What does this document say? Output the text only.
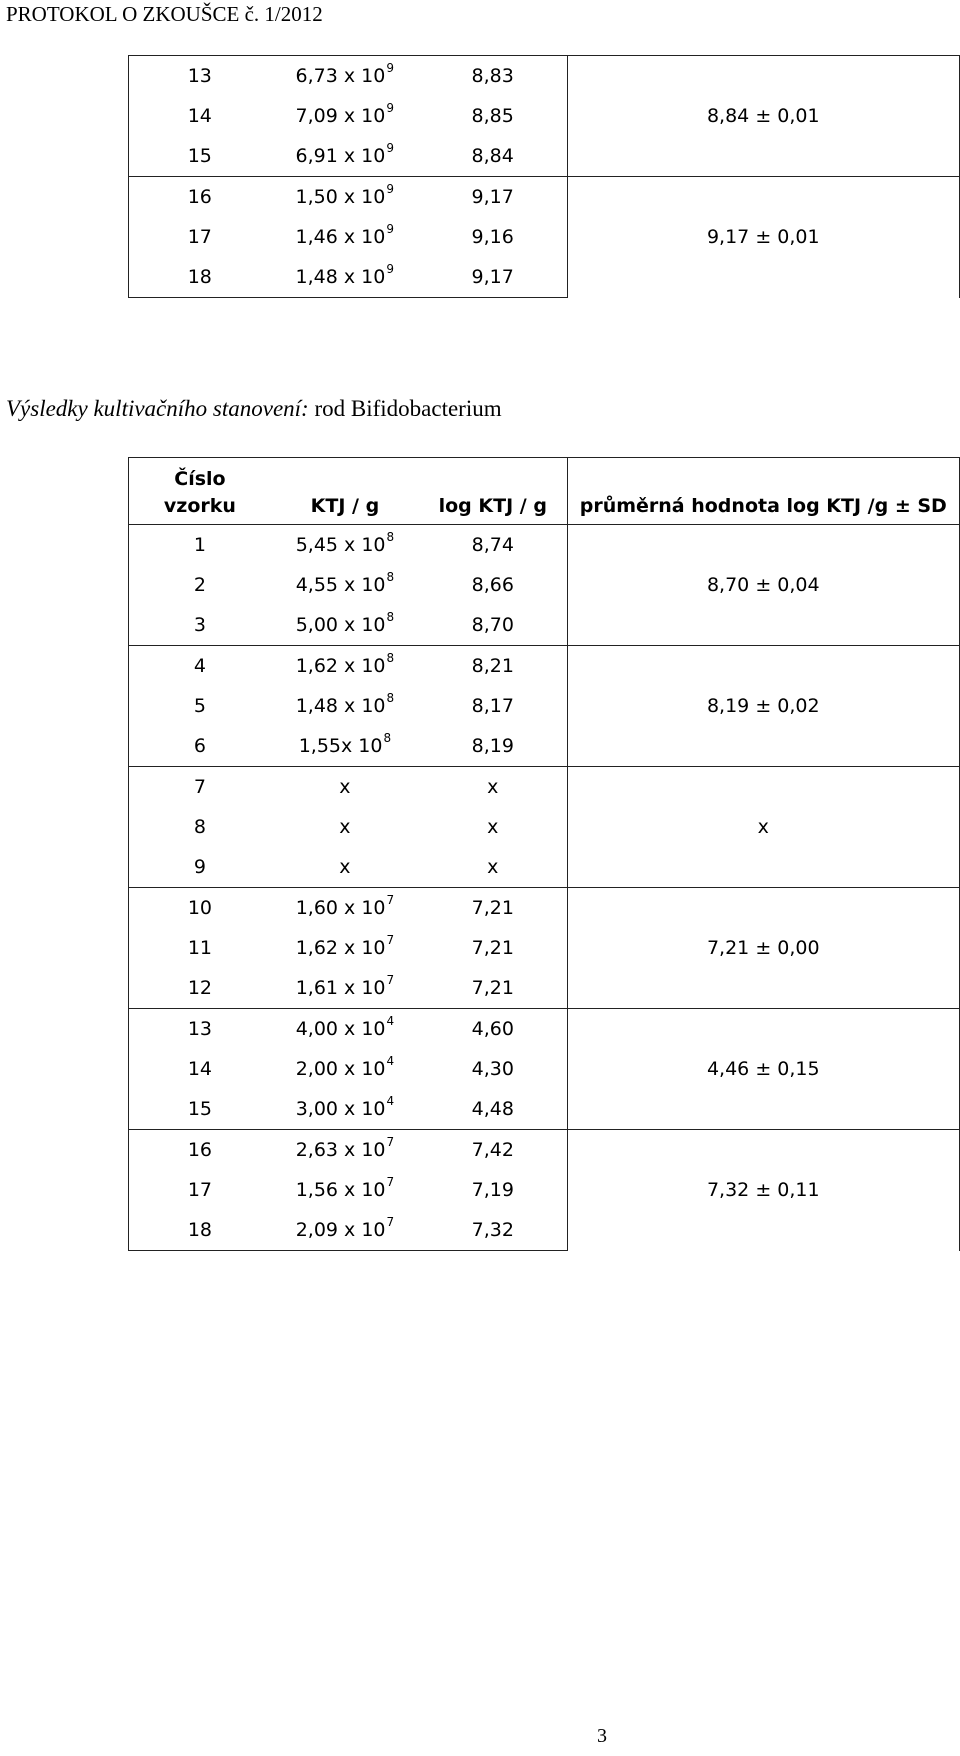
PROTOKOL O ZKOUŠCE č. 1/2012
13	6,73 x $10^9$	8,83	8,84 ± 0,01
14	7,09 x $10^9$	8,85	
15	6,91 x $10^9$	8,84	
16	1,50 x $10^9$	9,17	9,17 ± 0,01
17	1,46 x $10^9$	9,16	
18	1,48 x $10^9$	9,17	
Výsledky kultivačního stanovení: rod Bifidobacterium
Číslo
vzorku	KTJ / g	log KTJ / g	průměrná hodnota log KTJ /g ± SD
1	5,45 x $10^8$	8,74	8,70 ± 0,04
2	4,55 x $10^8$	8,66	
3	5,00 x $10^8$	8,70	
4	1,62 x $10^8$	8,21	8,19 ± 0,02
5	1,48 x $10^8$	8,17	
6	1,55x $10^8$	8,19	
7	x	x	x
8	x	x	
9	x	x	
10	1,60 x $10^7$	7,21	7,21 ± 0,00
11	1,62 x $10^7$	7,21	
12	1,61 x $10^7$	7,21	
13	4,00 x $10^4$	4,60	4,46 ± 0,15
14	2,00 x $10^4$	4,30	
15	3,00 x $10^4$	4,48	
16	2,63 x $10^7$	7,42	7,32 ± 0,11
17	1,56 x $10^7$	7,19	
18	2,09 x $10^7$	7,32	
3
